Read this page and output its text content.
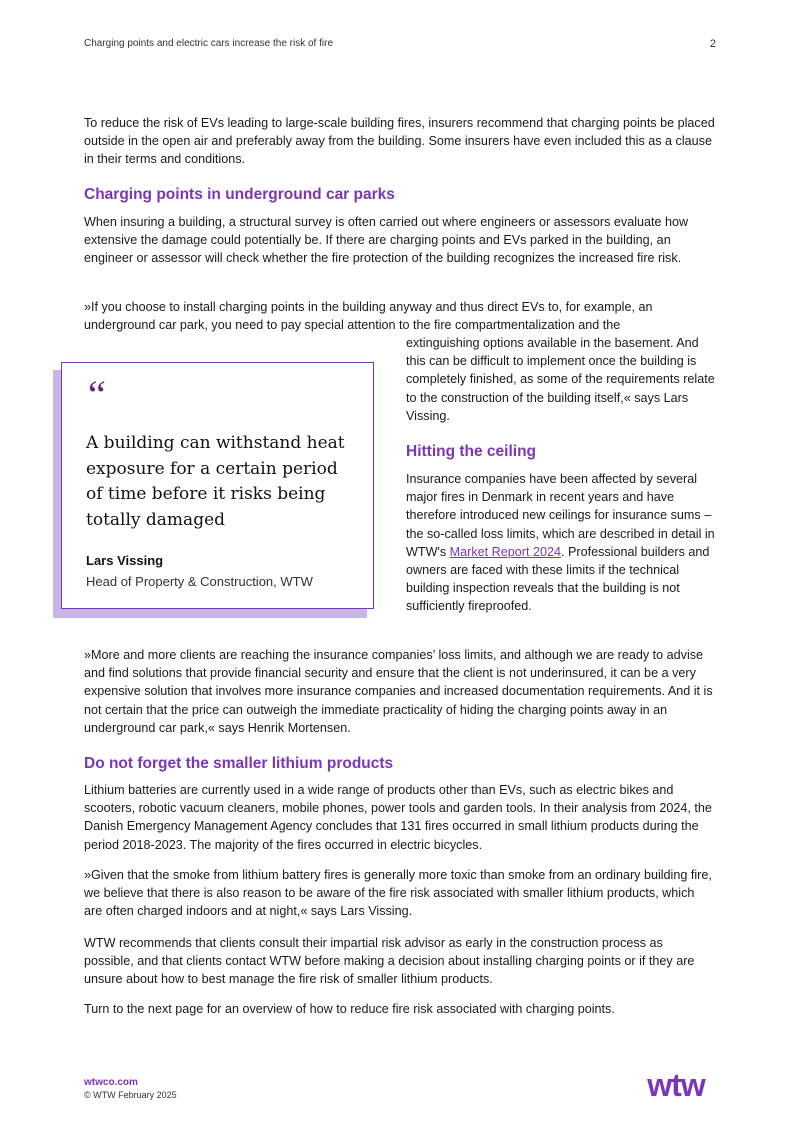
Charging points and electric cars increase the risk of fire	2

To reduce the risk of EVs leading to large-scale building fires, insurers recommend that charging points be placed outside in the open air and preferably away from the building. Some insurers have even included this as a clause in their terms and conditions.

Charging points in underground car parks

When insuring a building, a structural survey is often carried out where engineers or assessors evaluate how extensive the damage could potentially be. If there are charging points and EVs parked in the building, an engineer or assessor will check whether the fire protection of the building recognizes the increased fire risk.

»If you choose to install charging points in the building anyway and thus direct EVs to, for example, an underground car park, you need to pay special attention to the fire compartmentalization and the

extinguishing options available in the basement. And this can be difficult to implement once the building is completely finished, as some of the requirements relate to the construction of the building itself,« says Lars Vissing.

“

A building can withstand heat exposure for a certain period of time before it risks being totally damaged

Lars Vissing

Head of Property & Construction, WTW

Hitting the ceiling

Insurance companies have been affected by several major fires in Denmark in recent years and have therefore introduced new ceilings for insurance sums – the so-called loss limits, which are described in detail in WTW's Market Report 2024. Professional builders and owners are faced with these limits if the technical building inspection reveals that the building is not sufficiently fireproofed.

»More and more clients are reaching the insurance companies’ loss limits, and although we are ready to advise and find solutions that provide financial security and ensure that the client is not underinsured, it can be a very expensive solution that involves more insurance companies and increased documentation requirements. And it is not certain that the price can outweigh the immediate practicality of hiding the charging points away in an underground car park,« says Henrik Mortensen.

Do not forget the smaller lithium products

Lithium batteries are currently used in a wide range of products other than EVs, such as electric bikes and scooters, robotic vacuum cleaners, mobile phones, power tools and garden tools. In their analysis from 2024, the Danish Emergency Management Agency concludes that 131 fires occurred in small lithium products during the period 2018-2023. The majority of the fires occurred in electric bicycles.

»Given that the smoke from lithium battery fires is generally more toxic than smoke from an ordinary building fire, we believe that there is also reason to be aware of the fire risk associated with smaller lithium products, which are often charged indoors and at night,« says Lars Vissing.

WTW recommends that clients consult their impartial risk advisor as early in the construction process as possible, and that clients contact WTW before making a decision about installing charging points or if they are unsure about how to best manage the fire risk of smaller lithium products.

Turn to the next page for an overview of how to reduce fire risk associated with charging points.

wtwco.com
© WTW February 2025	wtw
